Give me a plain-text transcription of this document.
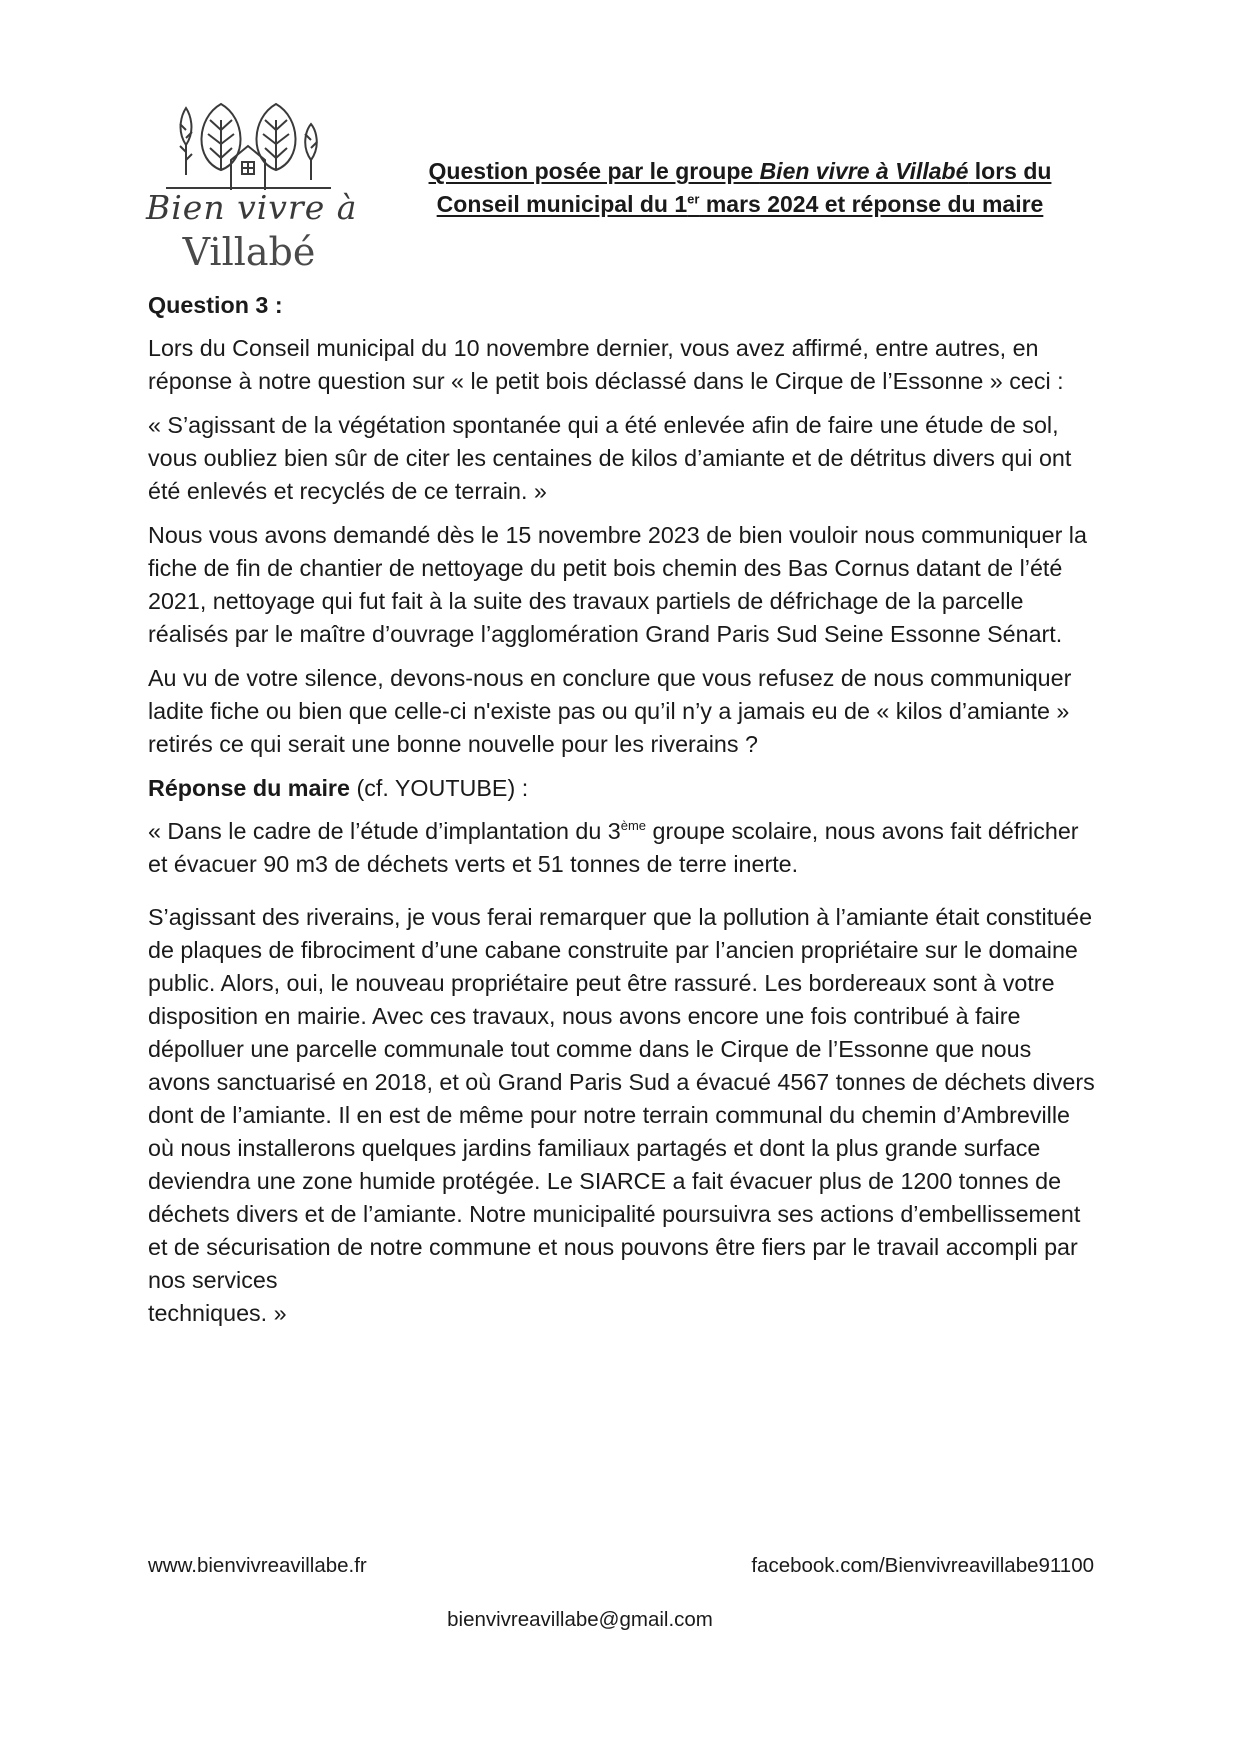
Bien vivre à
Villabé
Question posée par le groupe Bien vivre à Villabé lors du
Conseil municipal du 1er mars 2024 et réponse du maire

Question 3 :

Lors du Conseil municipal du 10 novembre dernier, vous avez affirmé, entre autres, en réponse à notre question sur « le petit bois déclassé dans le Cirque de l’Essonne » ceci :

« S’agissant de la végétation spontanée qui a été enlevée afin de faire une étude de sol, vous oubliez bien sûr de citer les centaines de kilos d’amiante et de détritus divers qui ont été enlevés et recyclés de ce terrain. »

Nous vous avons demandé dès le 15 novembre 2023 de bien vouloir nous communiquer la fiche de fin de chantier de nettoyage du petit bois chemin des Bas Cornus datant de l’été 2021, nettoyage qui fut fait à la suite des travaux partiels de défrichage de la parcelle réalisés par le maître d’ouvrage l’agglomération Grand Paris Sud Seine Essonne Sénart.

Au vu de votre silence, devons-nous en conclure que vous refusez de nous communiquer ladite fiche ou bien que celle-ci n'existe pas ou qu’il n’y a jamais eu de « kilos d’amiante » retirés ce qui serait une bonne nouvelle pour les riverains ?

Réponse du maire (cf. YOUTUBE) :

« Dans le cadre de l’étude d’implantation du 3ème groupe scolaire, nous avons fait défricher et évacuer 90 m3 de déchets verts et 51 tonnes de terre inerte.

S’agissant des riverains, je vous ferai remarquer que la pollution à l’amiante était constituée de plaques de fibrociment d’une cabane construite par l’ancien propriétaire sur le domaine public. Alors, oui, le nouveau propriétaire peut être rassuré. Les bordereaux sont à votre disposition en mairie. Avec ces travaux, nous avons encore une fois contribué à faire dépolluer une parcelle communale tout comme dans le Cirque de l’Essonne que nous avons sanctuarisé en 2018, et où Grand Paris Sud a évacué 4567 tonnes de déchets divers dont de l’amiante. Il en est de même pour notre terrain communal du chemin d’Ambreville où nous installerons quelques jardins familiaux partagés et dont la plus grande surface deviendra une zone humide protégée. Le SIARCE a fait évacuer plus de 1200 tonnes de déchets divers et de l’amiante. Notre municipalité poursuivra ses actions d’embellissement et de sécurisation de notre commune et nous pouvons être fiers par le travail accompli par nos services

techniques. »

www.bienvivreavillabe.fr	facebook.com/Bienvivreavillabe91100
bienvivreavillabe@gmail.com
